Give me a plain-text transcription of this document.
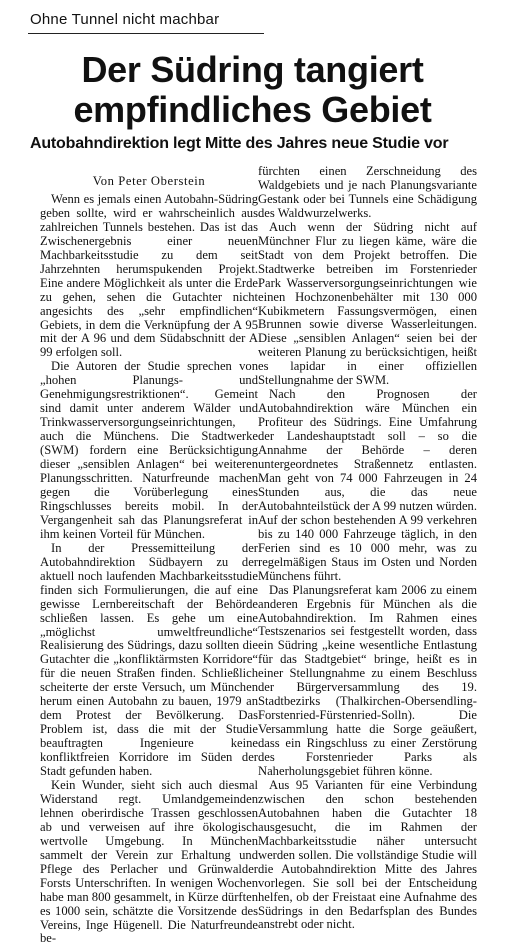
Ohne Tunnel nicht machbar
Der Südring tangiert
empfindliches Gebiet
Autobahndirektion legt Mitte des Jahres neue Studie vor

Von Peter Oberstein

Wenn es jemals einen Autobahn-Südring geben sollte, wird er wahrscheinlich aus zahlreichen Tunnels bestehen. Das ist das Zwischenergebnis einer neuen Machbarkeitsstudie zu dem seit Jahrzehnten herumspukenden Projekt. Eine andere Möglichkeit als unter die Erde zu gehen, sehen die Gutachter nicht angesichts des „sehr empfindlichen“ Gebiets, in dem die Verknüpfung der A 95 mit der A 96 und dem Südabschnitt der A 99 erfolgen soll.

Die Autoren der Studie sprechen von „hohen Planungs- und Genehmigungsrestriktionen“. Gemeint sind damit unter anderem Wälder und Trinkwasserversorgungseinrichtungen, auch die Münchens. Die Stadtwerke (SWM) fordern eine Berücksichtigung dieser „sensiblen Anlagen“ bei weiteren Planungsschritten. Naturfreunde machen gegen die Vorüberlegung eines Ringschlusses bereits mobil. In der Vergangenheit sah das Planungsreferat in ihm keinen Vorteil für München.

In der Pressemitteilung der Autobahndirektion Südbayern zu der aktuell noch laufenden Machbarkeitsstudie finden sich Formulierungen, die auf eine gewisse Lernbereitschaft der Behörde schließen lassen. Es gehe um eine „möglichst umweltfreundliche“ Realisierung des Südrings, dazu sollten die Gutachter die „konfliktärmsten Korridore“ für die neuen Straßen finden. Schließlich scheiterte der erste Versuch, um München herum einen Autobahn zu bauen, 1979 an dem Protest der Bevölkerung. Das Problem ist, dass die mit der Studie beauftragten Ingenieure keine konfliktfreien Korridore im Süden der Stadt gefunden haben.

Kein Wunder, sieht sich auch diesmal Widerstand regt. Umlandgemeinden lehnen oberirdische Trassen geschlossen ab und verweisen auf ihre ökologisch wertvolle Umgebung. In München sammelt der Verein zur Erhaltung und Pflege des Perlacher und Grünwalder Forsts Unterschriften. In wenigen Wochen habe man 800 gesammelt, in Kürze dürften es 1000 sein, schätzte die Vorsitzende des Vereins, Inge Hügenell. Die Naturfreunde be-

fürchten einen Zerschneidung des Waldgebiets und je nach Planungsvariante Gestank oder bei Tunnels eine Schädigung des Waldwurzelwerks.

Auch wenn der Südring nicht auf Münchner Flur zu liegen käme, wäre die Stadt von dem Projekt betroffen. Die Stadtwerke betreiben im Forstenrieder Park Wasserversorgungseinrichtungen wie einen Hochzonenbehälter mit 130 000 Kubikmetern Fassungsvermögen, einen Brunnen sowie diverse Wasserleitungen. Diese „sensiblen Anlagen“ seien bei der weiteren Planung zu berücksichtigen, heißt es lapidar in einer offiziellen Stellungnahme der SWM.

Nach den Prognosen der Autobahndirektion wäre München ein Profiteur des Südrings. Eine Umfahrung der Landeshauptstadt soll – so die Annahme der Behörde – deren untergeordnetes Straßennetz entlasten. Man geht von 74 000 Fahrzeugen in 24 Stunden aus, die das neue Autobahnteilstück der A 99 nutzen würden. Auf der schon bestehenden A 99 verkehren bis zu 140 000 Fahrzeuge täglich, in den Ferien sind es 10 000 mehr, was zu regelmäßigen Staus im Osten und Norden Münchens führt.

Das Planungsreferat kam 2006 zu einem anderen Ergebnis für München als die Autobahndirektion. Im Rahmen eines Testszenarios sei festgestellt worden, dass ein Südring „keine wesentliche Entlastung für das Stadtgebiet“ bringe, heißt es in einer Stellungnahme zu einem Beschluss der Bürgerversammlung des 19. Stadtbezirks (Thalkirchen-Obersendling-Forstenried-Fürstenried-Solln). Die Versammlung hatte die Sorge geäußert, dass ein Ringschluss zu einer Zerstörung des Forstenrieder Parks als Naherholungsgebiet führen könne.

Aus 95 Varianten für eine Verbindung zwischen den schon bestehenden Autobahnen haben die Gutachter 18 ausgesucht, die im Rahmen der Machbarkeitsstudie näher untersucht werden sollen. Die vollständige Studie will die Autobahndirektion Mitte des Jahres vorlegen. Sie soll bei der Entscheidung helfen, ob der Freistaat eine Aufnahme des Südrings in den Bedarfsplan des Bundes anstrebt oder nicht.
